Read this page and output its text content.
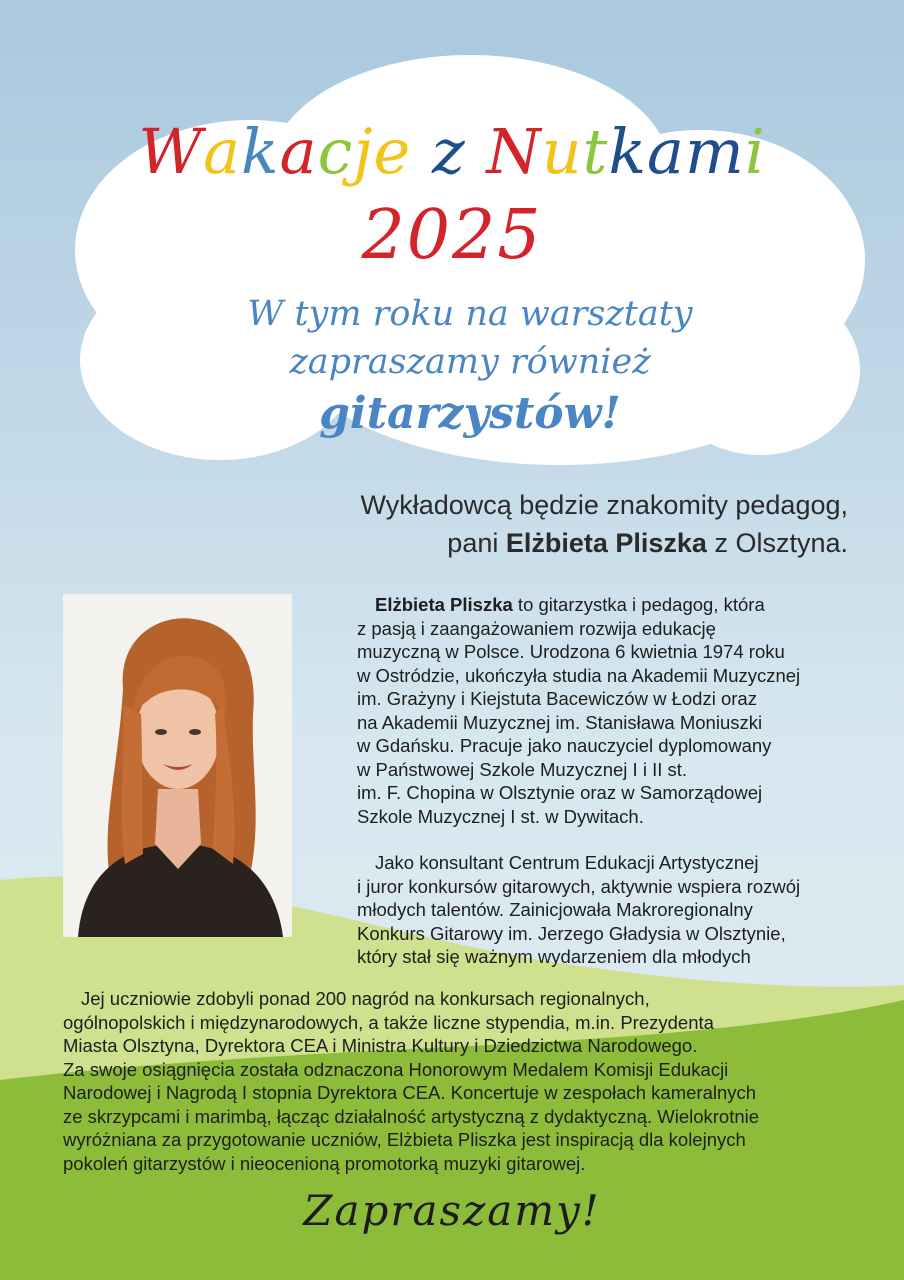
Wakacje z Nutkami
2025
W tym roku na warsztaty
zapraszamy również
gitarzystów!
Wykładowcą będzie znakomity pedagog,
pani Elżbieta Pliszka z Olsztyna.

Elżbieta Pliszka to gitarzystka i pedagog, która
z pasją i zaangażowaniem rozwija edukację
muzyczną w Polsce. Urodzona 6 kwietnia 1974 roku
w Ostródzie, ukończyła studia na Akademii Muzycznej
im. Grażyny i Kiejstuta Bacewiczów w Łodzi oraz
na Akademii Muzycznej im. Stanisława Moniuszki
w Gdańsku. Pracuje jako nauczyciel dyplomowany
w Państwowej Szkole Muzycznej I i II st.
im. F. Chopina w Olsztynie oraz w Samorządowej
Szkole Muzycznej I st. w Dywitach.

Jako konsultant Centrum Edukacji Artystycznej
i juror konkursów gitarowych, aktywnie wspiera rozwój
młodych talentów. Zainicjowała Makroregionalny
Konkurs Gitarowy im. Jerzego Gładysia w Olsztynie,
który stał się ważnym wydarzeniem dla młodych

Jej uczniowie zdobyli ponad 200 nagród na konkursach regionalnych,
ogólnopolskich i międzynarodowych, a także liczne stypendia, m.in. Prezydenta
Miasta Olsztyna, Dyrektora CEA i Ministra Kultury i Dziedzictwa Narodowego.
Za swoje osiągnięcia została odznaczona Honorowym Medalem Komisji Edukacji
Narodowej i Nagrodą I stopnia Dyrektora CEA. Koncertuje w zespołach kameralnych
ze skrzypcami i marimbą, łącząc działalność artystyczną z dydaktyczną. Wielokrotnie
wyróżniana za przygotowanie uczniów, Elżbieta Pliszka jest inspiracją dla kolejnych
pokoleń gitarzystów i nieocenioną promotorką muzyki gitarowej.

Zapraszamy!
